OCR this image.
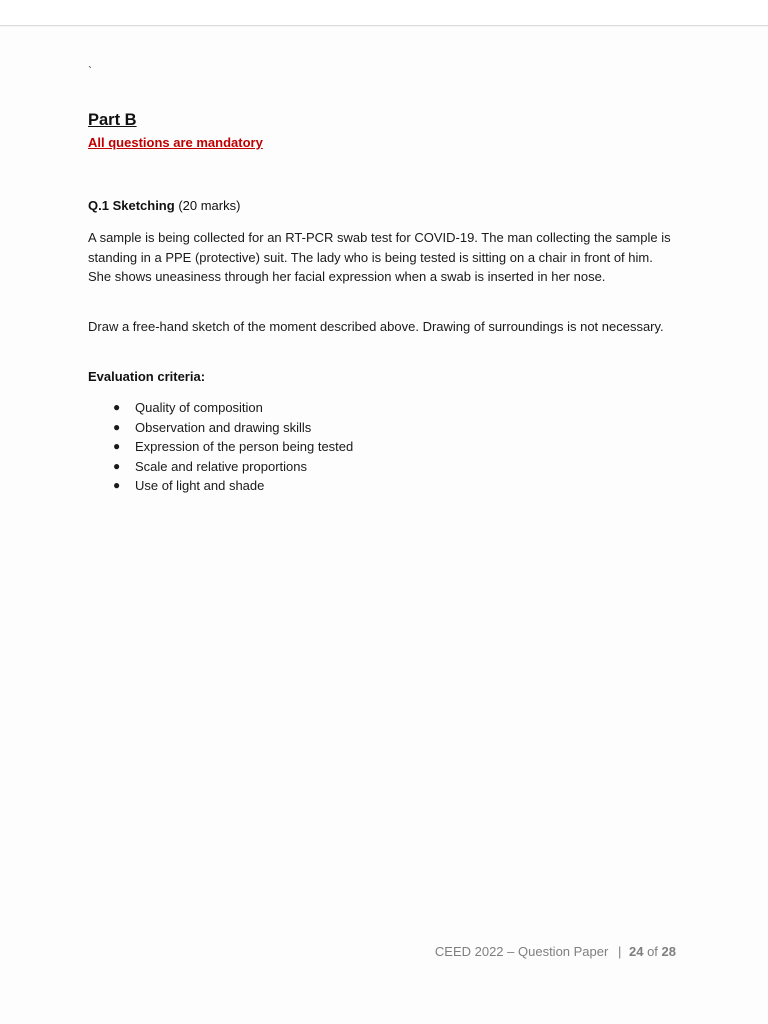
`
Part B
All questions are mandatory
Q.1 Sketching (20 marks)

A sample is being collected for an RT-PCR swab test for COVID-19. The man collecting the sample is standing in a PPE (protective) suit. The lady who is being tested is sitting on a chair in front of him. She shows uneasiness through her facial expression when a swab is inserted in her nose.

Draw a free-hand sketch of the moment described above. Drawing of surroundings is not necessary.

Evaluation criteria:
● Quality of composition
● Observation and drawing skills
● Expression of the person being tested
● Scale and relative proportions
● Use of light and shade
CEED 2022 – Question Paper | 24 of 28
